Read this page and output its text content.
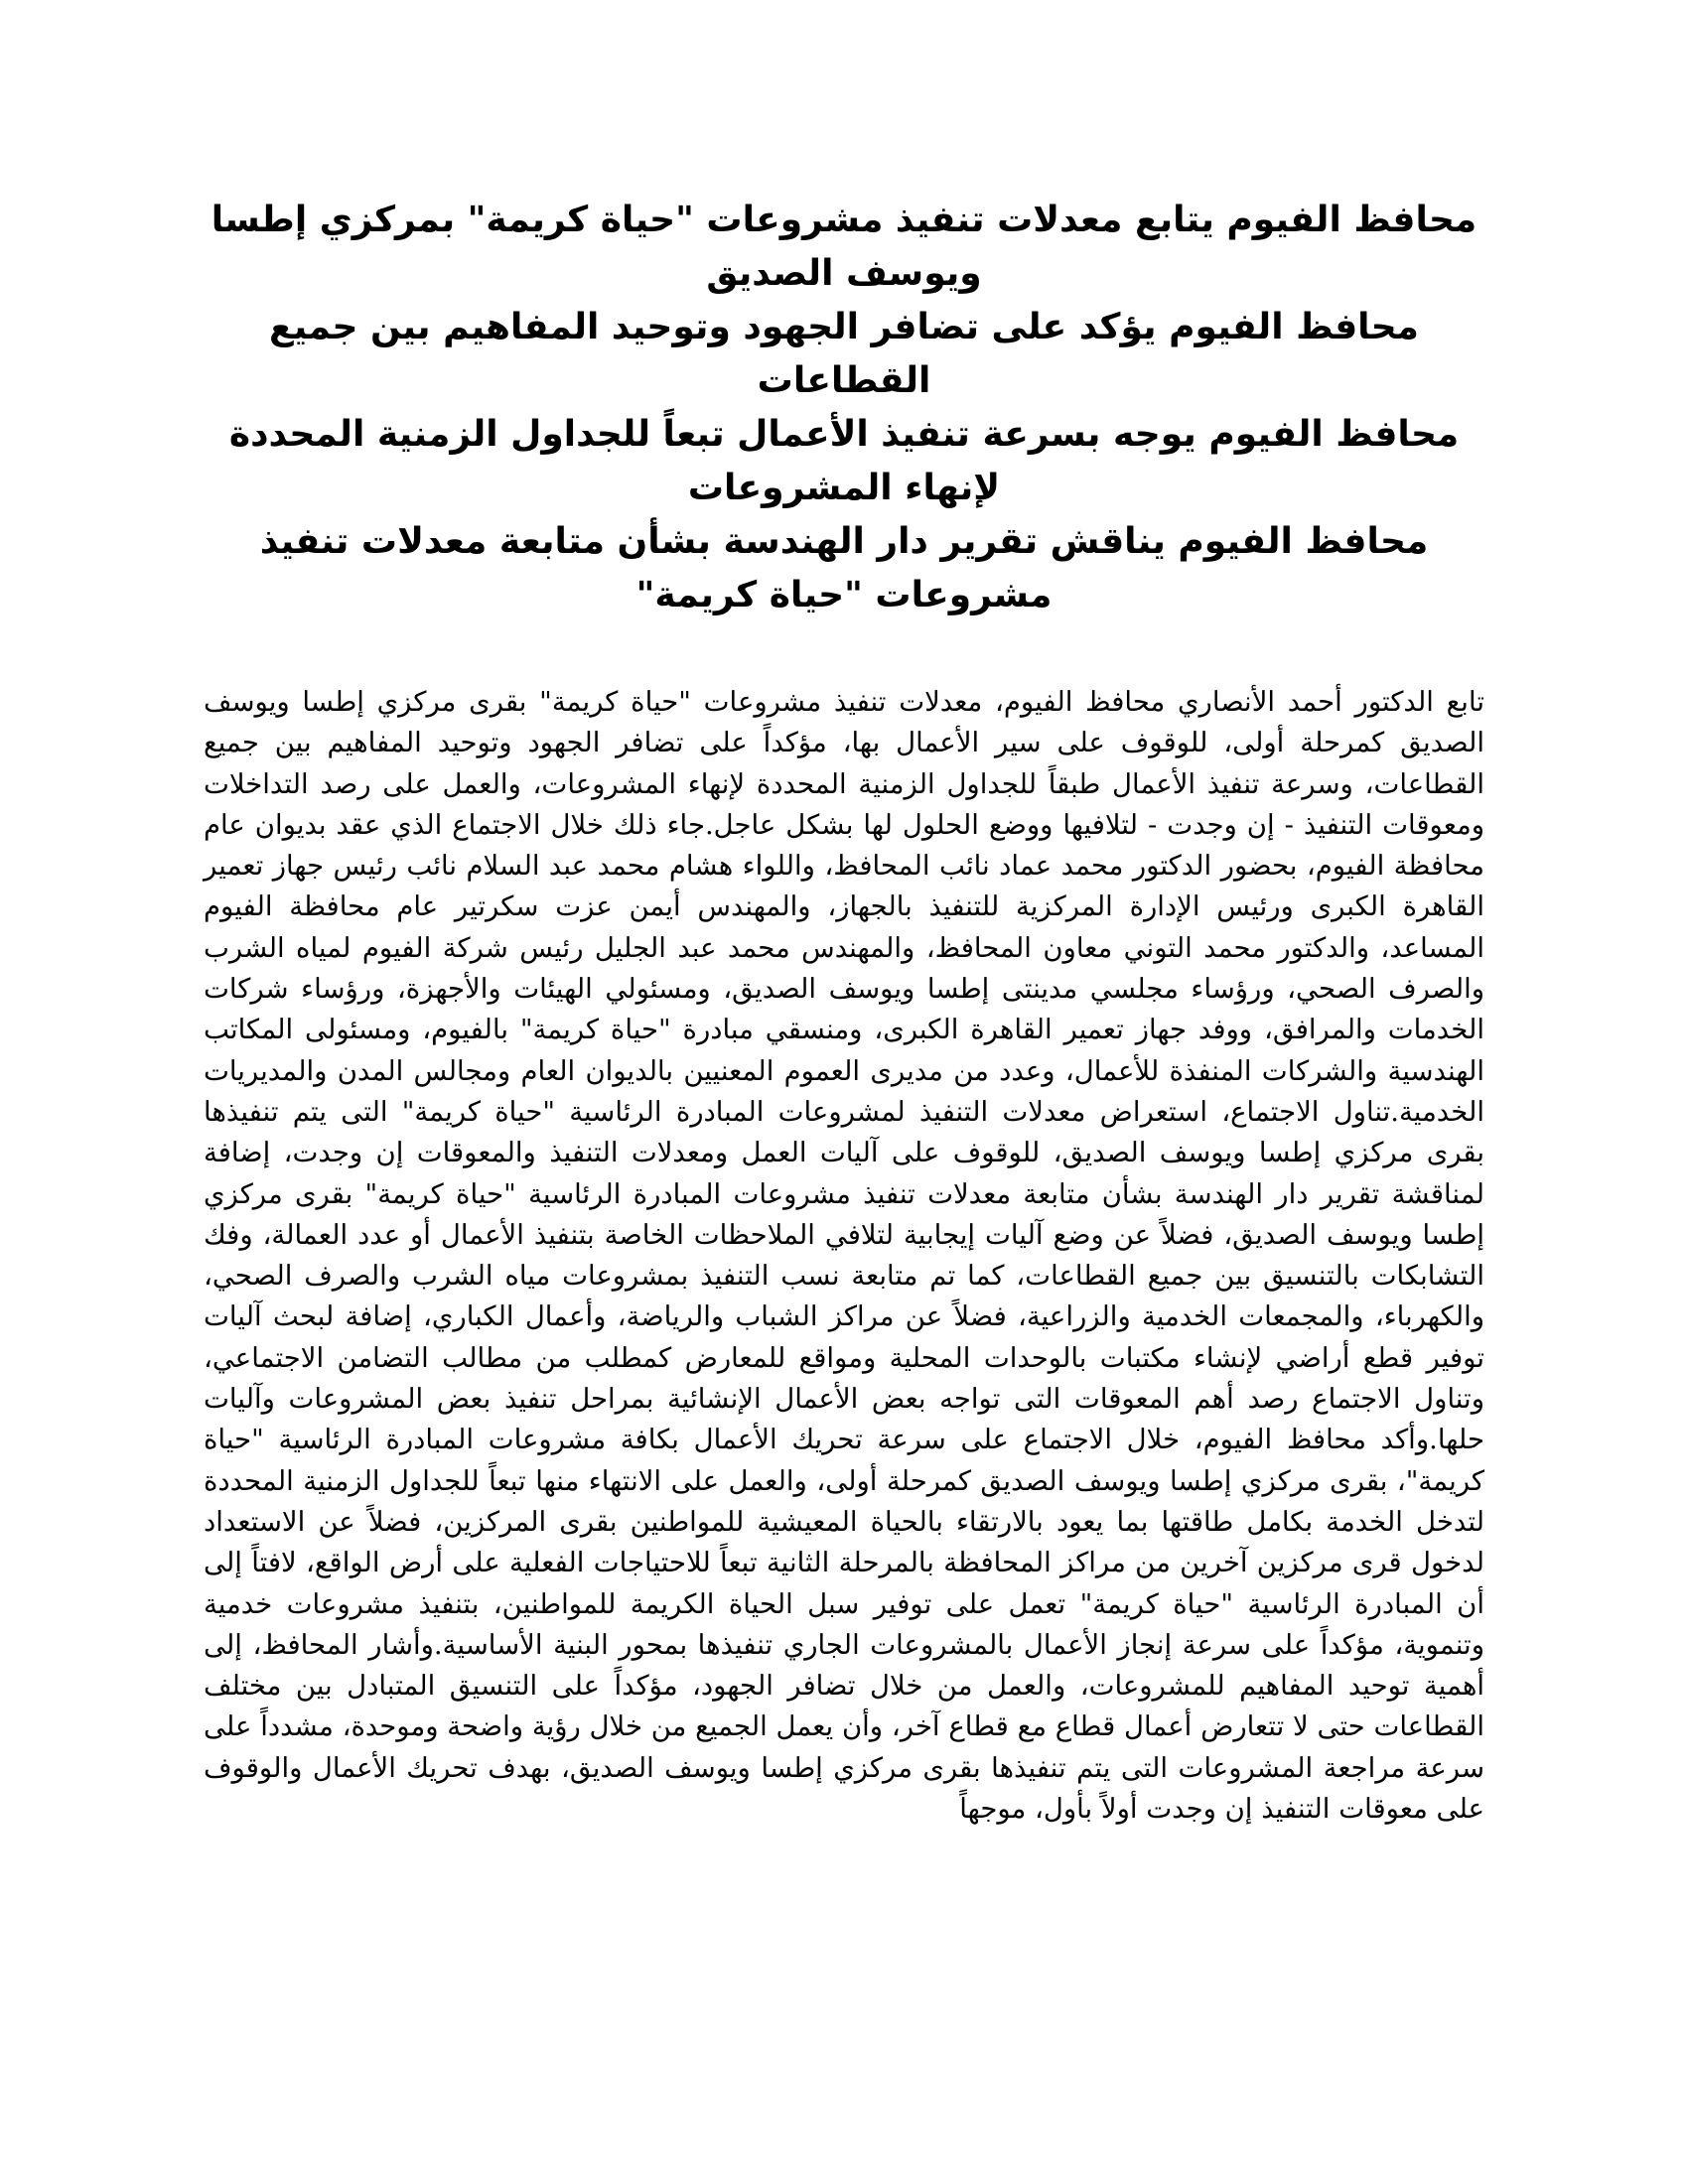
محافظ الفيوم يتابع معدلات تنفيذ مشروعات "حياة كريمة" بمركزي إطسا ويوسف الصديق
محافظ الفيوم يؤكد على تضافر الجهود وتوحيد المفاهيم بين جميع القطاعات
محافظ الفيوم يوجه بسرعة تنفيذ الأعمال تبعاً للجداول الزمنية المحددة لإنهاء المشروعات
محافظ الفيوم يناقش تقرير دار الهندسة بشأن متابعة معدلات تنفيذ مشروعات "حياة كريمة"

تابع الدكتور أحمد الأنصاري محافظ الفيوم، معدلات تنفيذ مشروعات "حياة كريمة" بقرى مركزي إطسا ويوسف الصديق كمرحلة أولى، للوقوف على سير الأعمال بها، مؤكداً على تضافر الجهود وتوحيد المفاهيم بين جميع القطاعات، وسرعة تنفيذ الأعمال طبقاً للجداول الزمنية المحددة لإنهاء المشروعات، والعمل على رصد التداخلات ومعوقات التنفيذ - إن وجدت - لتلافيها ووضع الحلول لها بشكل عاجل.جاء ذلك خلال الاجتماع الذي عقد بديوان عام محافظة الفيوم، بحضور الدكتور محمد عماد نائب المحافظ، واللواء هشام محمد عبد السلام نائب رئيس جهاز تعمير القاهرة الكبرى ورئيس الإدارة المركزية للتنفيذ بالجهاز، والمهندس أيمن عزت سكرتير عام محافظة الفيوم المساعد، والدكتور محمد التوني معاون المحافظ، والمهندس محمد عبد الجليل رئيس شركة الفيوم لمياه الشرب والصرف الصحي، ورؤساء مجلسي مدينتى إطسا ويوسف الصديق، ومسئولي الهيئات والأجهزة، ورؤساء شركات الخدمات والمرافق، ووفد جهاز تعمير القاهرة الكبرى، ومنسقي مبادرة "حياة كريمة" بالفيوم، ومسئولى المكاتب الهندسية والشركات المنفذة للأعمال، وعدد من مديرى العموم المعنيين بالديوان العام ومجالس المدن والمديريات الخدمية.تناول الاجتماع، استعراض معدلات التنفيذ لمشروعات المبادرة الرئاسية "حياة كريمة" التى يتم تنفيذها بقرى مركزي إطسا ويوسف الصديق، للوقوف على آليات العمل ومعدلات التنفيذ والمعوقات إن وجدت، إضافة لمناقشة تقرير دار الهندسة بشأن متابعة معدلات تنفيذ مشروعات المبادرة الرئاسية "حياة كريمة" بقرى مركزي إطسا ويوسف الصديق، فضلاً عن وضع آليات إيجابية لتلافي الملاحظات الخاصة بتنفيذ الأعمال أو عدد العمالة، وفك التشابكات بالتنسيق بين جميع القطاعات، كما تم متابعة نسب التنفيذ بمشروعات مياه الشرب والصرف الصحي، والكهرباء، والمجمعات الخدمية والزراعية، فضلاً عن مراكز الشباب والرياضة، وأعمال الكباري، إضافة لبحث آليات توفير قطع أراضي لإنشاء مكتبات بالوحدات المحلية ومواقع للمعارض كمطلب من مطالب التضامن الاجتماعي، وتناول الاجتماع رصد أهم المعوقات التى تواجه بعض الأعمال الإنشائية بمراحل تنفيذ بعض المشروعات وآليات حلها.وأكد محافظ الفيوم، خلال الاجتماع على سرعة تحريك الأعمال بكافة مشروعات المبادرة الرئاسية "حياة كريمة"، بقرى مركزي إطسا ويوسف الصديق كمرحلة أولى، والعمل على الانتهاء منها تبعاً للجداول الزمنية المحددة لتدخل الخدمة بكامل طاقتها بما يعود بالارتقاء بالحياة المعيشية للمواطنين بقرى المركزين، فضلاً عن الاستعداد لدخول قرى مركزين آخرين من مراكز المحافظة بالمرحلة الثانية تبعاً للاحتياجات الفعلية على أرض الواقع، لافتاً إلى أن المبادرة الرئاسية "حياة كريمة" تعمل على توفير سبل الحياة الكريمة للمواطنين، بتنفيذ مشروعات خدمية وتنموية، مؤكداً على سرعة إنجاز الأعمال بالمشروعات الجاري تنفيذها بمحور البنية الأساسية.وأشار المحافظ، إلى أهمية توحيد المفاهيم للمشروعات، والعمل من خلال تضافر الجهود، مؤكداً على التنسيق المتبادل بين مختلف القطاعات حتى لا تتعارض أعمال قطاع مع قطاع آخر، وأن يعمل الجميع من خلال رؤية واضحة وموحدة، مشدداً على سرعة مراجعة المشروعات التى يتم تنفيذها بقرى مركزي إطسا ويوسف الصديق، بهدف تحريك الأعمال والوقوف على معوقات التنفيذ إن وجدت أولاً بأول، موجهاً
